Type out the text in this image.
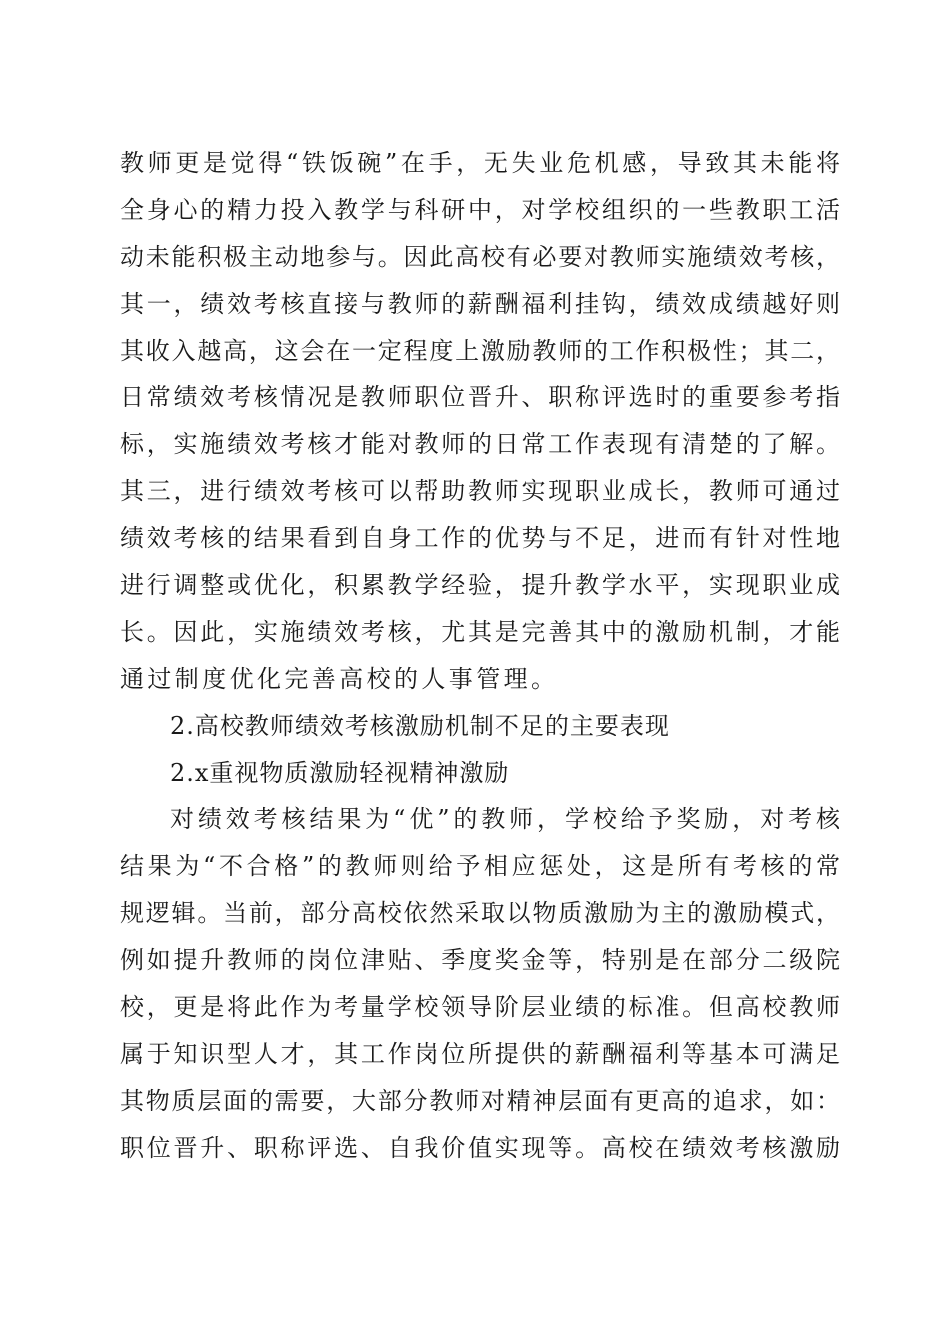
教师更是觉得“铁饭碗”在手，无失业危机感，导致其未能将
全身心的精力投入教学与科研中，对学校组织的一些教职工活
动未能积极主动地参与。因此高校有必要对教师实施绩效考核，
其一，绩效考核直接与教师的薪酬福利挂钩，绩效成绩越好则
其收入越高，这会在一定程度上激励教师的工作积极性；其二，
日常绩效考核情况是教师职位晋升、职称评选时的重要参考指
标，实施绩效考核才能对教师的日常工作表现有清楚的了解。
其三，进行绩效考核可以帮助教师实现职业成长，教师可通过
绩效考核的结果看到自身工作的优势与不足，进而有针对性地
进行调整或优化，积累教学经验，提升教学水平，实现职业成
长。因此，实施绩效考核，尤其是完善其中的激励机制，才能
通过制度优化完善高校的人事管理。
2.高校教师绩效考核激励机制不足的主要表现
2.x重视物质激励轻视精神激励
对绩效考核结果为“优”的教师，学校给予奖励，对考核
结果为“不合格”的教师则给予相应惩处，这是所有考核的常
规逻辑。当前，部分高校依然采取以物质激励为主的激励模式，
例如提升教师的岗位津贴、季度奖金等，特别是在部分二级院
校，更是将此作为考量学校领导阶层业绩的标准。但高校教师
属于知识型人才，其工作岗位所提供的薪酬福利等基本可满足
其物质层面的需要，大部分教师对精神层面有更高的追求，如：
职位晋升、职称评选、自我价值实现等。高校在绩效考核激励
